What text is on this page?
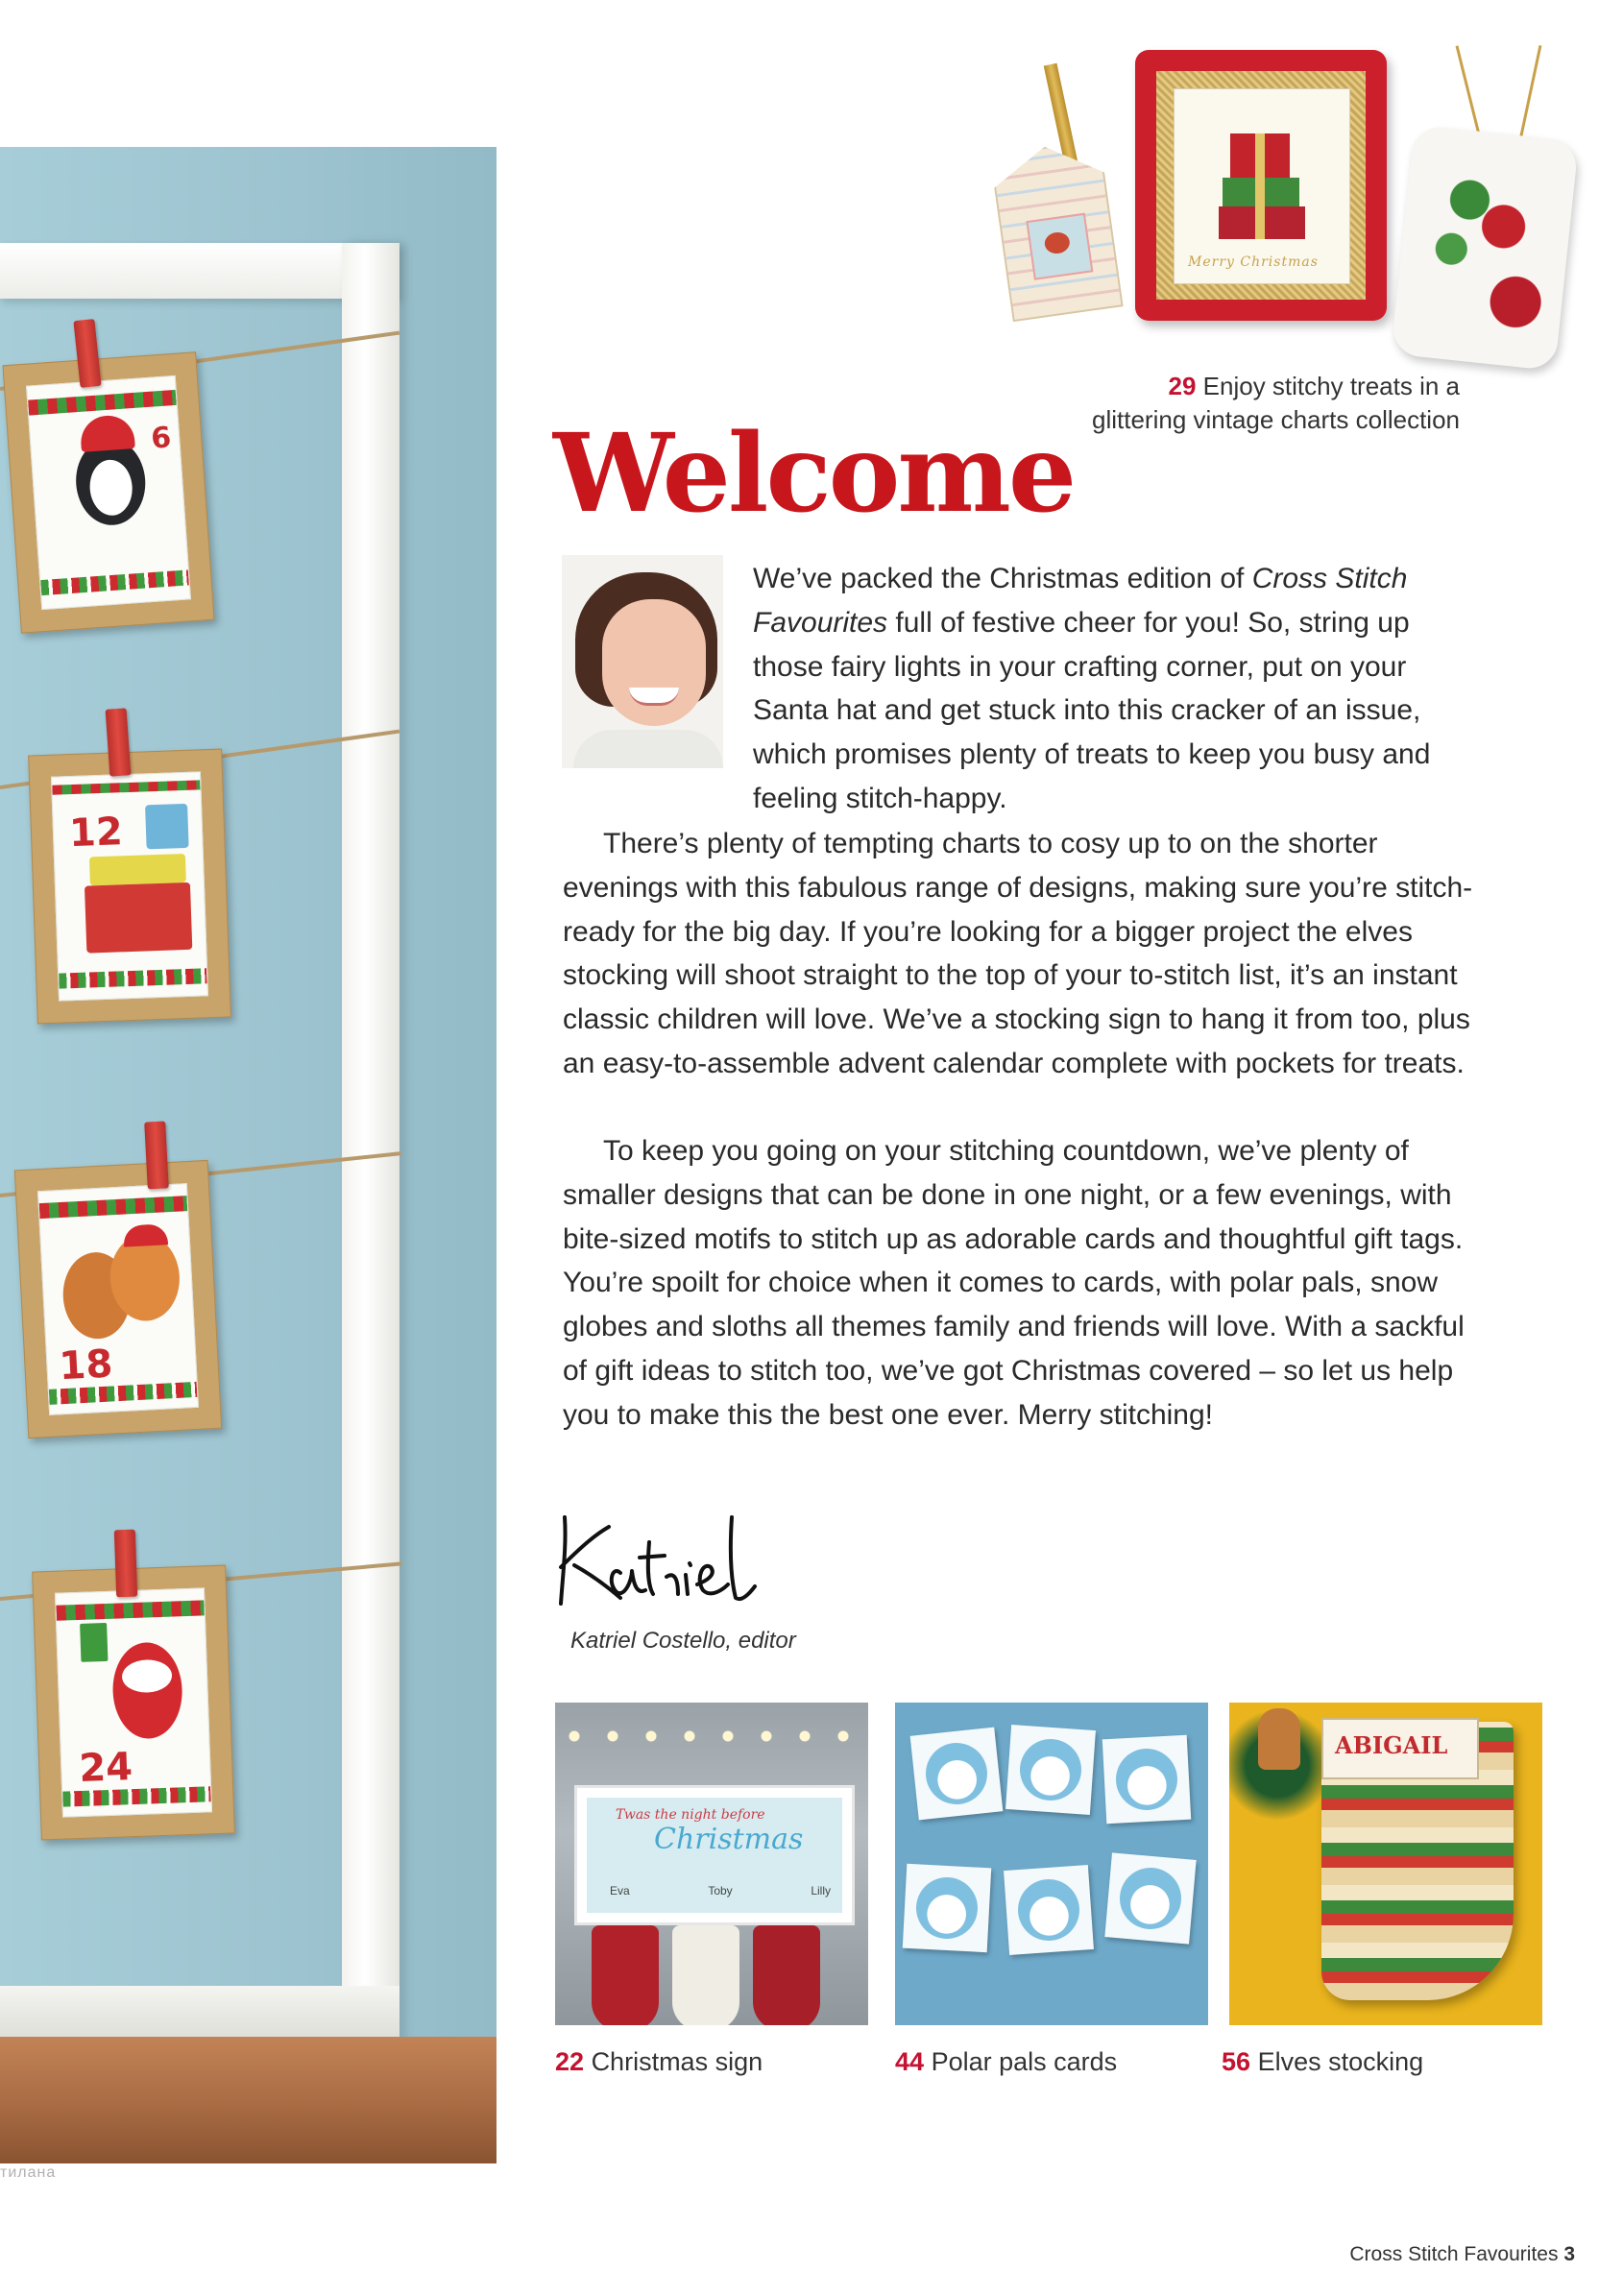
6
12
18
24
тилана
Merry Christmas
29 Enjoy stitchy treats in a
glittering vintage charts collection
Welcome
We’ve packed the Christmas edition of Cross Stitch Favourites full of festive cheer for you! So, string up those fairy lights in your crafting corner, put on your Santa hat and get stuck into this cracker of an issue, which promises plenty of treats to keep you busy and feeling stitch-happy.
There’s plenty of tempting charts to cosy up to on the shorter evenings with this fabulous range of designs, making sure you’re stitch-ready for the big day. If you’re looking for a bigger project the elves stocking will shoot straight to the top of your to-stitch list, it’s an instant classic children will love. We’ve a stocking sign to hang it from too, plus an easy-to-assemble advent calendar complete with pockets for treats.
To keep you going on your stitching countdown, we’ve plenty of smaller designs that can be done in one night, or a few evenings, with bite-sized motifs to stitch up as adorable cards and thoughtful gift tags. You’re spoilt for choice when it comes to cards, with polar pals, snow globes and sloths all themes family and friends will love. With a sackful of gift ideas to stitch too, we’ve got Christmas covered – so let us help you to make this the best one ever. Merry stitching!
Katriel Costello, editor
Twas the night before
Christmas
Eva	Toby	Lilly
ABIGAIL
22 Christmas sign	44 Polar pals cards	56 Elves stocking
Cross Stitch Favourites 3
